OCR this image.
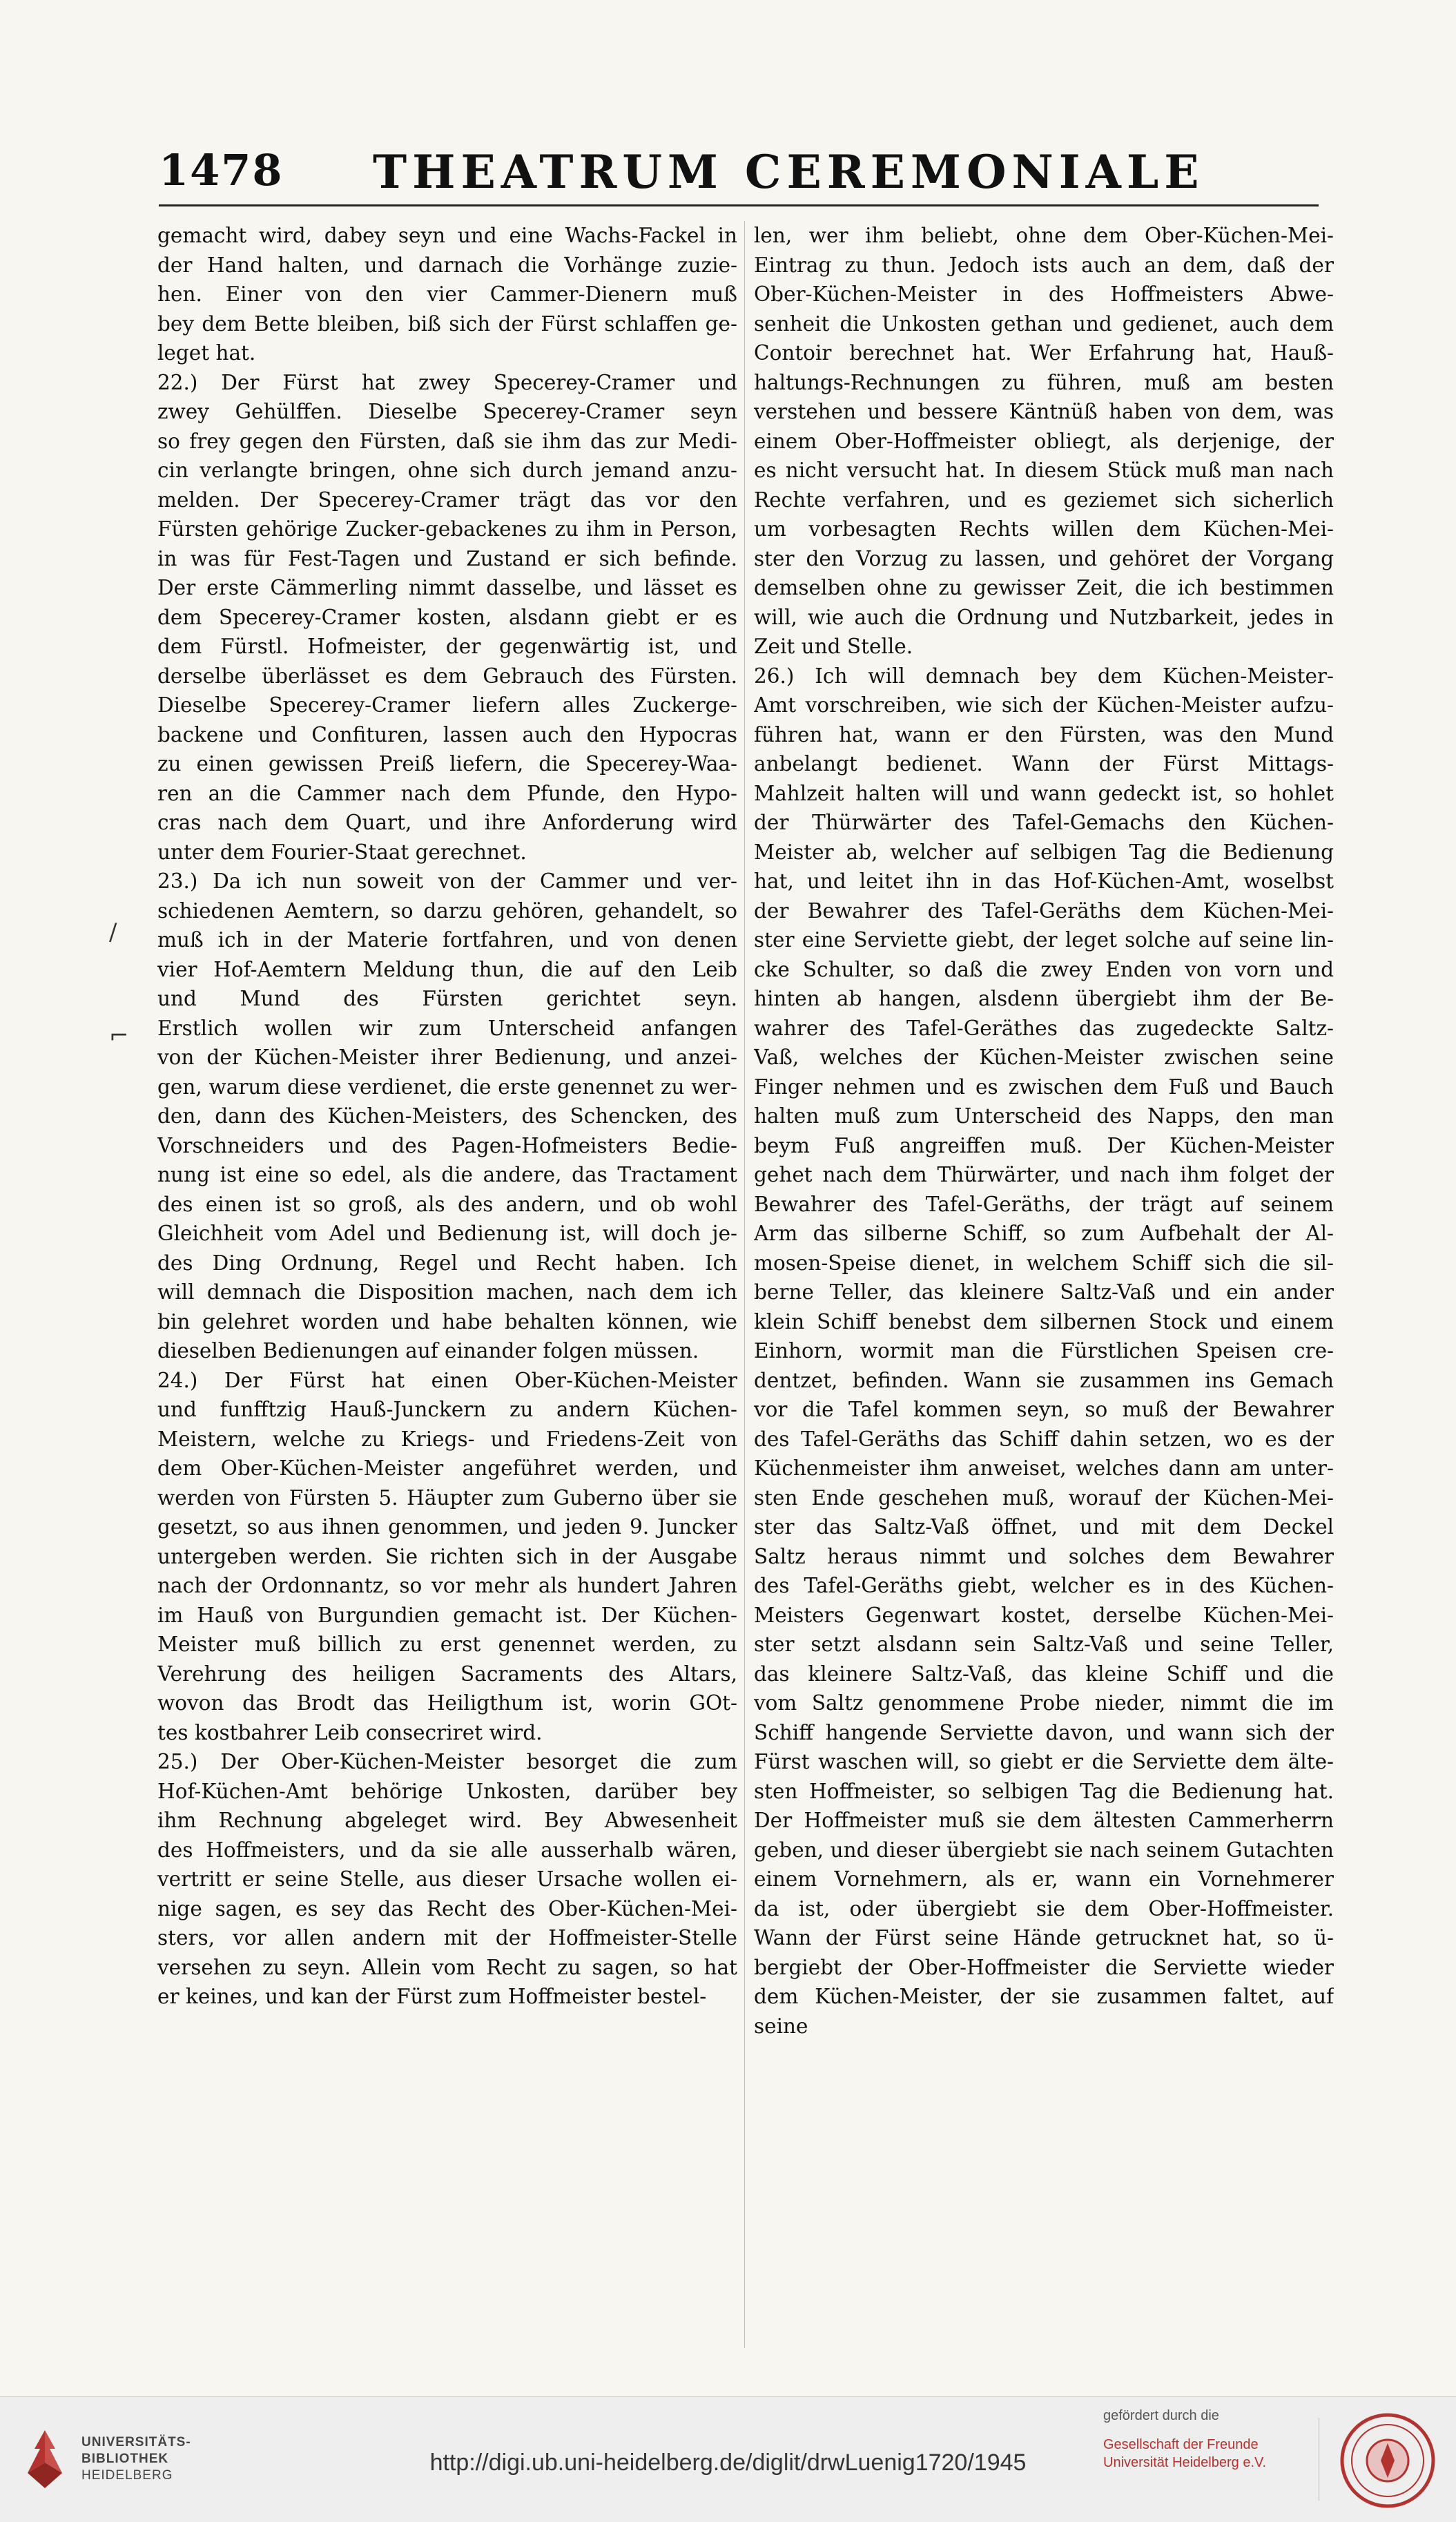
1478 THEATRUM CEREMONIALE
gemacht wird, dabey seyn und eine Wachs-Fackel in
der Hand halten, und darnach die Vorhänge zuzie-
hen. Einer von den vier Cammer-Dienern muß
bey dem Bette bleiben, biß sich der Fürst schlaffen ge-
leget hat.
22.) Der Fürst hat zwey Specerey-Cramer und
zwey Gehülffen. Dieselbe Specerey-Cramer seyn
so frey gegen den Fürsten, daß sie ihm das zur Medi-
cin verlangte bringen, ohne sich durch jemand anzu-
melden. Der Specerey-Cramer trägt das vor den
Fürsten gehörige Zucker-gebackenes zu ihm in Person,
in was für Fest-Tagen und Zustand er sich befinde.
Der erste Cämmerling nimmt dasselbe, und lässet es
dem Specerey-Cramer kosten, alsdann giebt er es
dem Fürstl. Hofmeister, der gegenwärtig ist, und
derselbe überlässet es dem Gebrauch des Fürsten.
Dieselbe Specerey-Cramer liefern alles Zuckerge-
backene und Confituren, lassen auch den Hypocras
zu einen gewissen Preiß liefern, die Specerey-Waa-
ren an die Cammer nach dem Pfunde, den Hypo-
cras nach dem Quart, und ihre Anforderung wird
unter dem Fourier-Staat gerechnet.
23.) Da ich nun soweit von der Cammer und ver-
schiedenen Aemtern, so darzu gehören, gehandelt, so
muß ich in der Materie fortfahren, und von denen
vier Hof-Aemtern Meldung thun, die auf den Leib
und Mund des Fürsten gerichtet seyn.
Erstlich wollen wir zum Unterscheid anfangen
von der Küchen-Meister ihrer Bedienung, und anzei-
gen, warum diese verdienet, die erste genennet zu wer-
den, dann des Küchen-Meisters, des Schencken, des
Vorschneiders und des Pagen-Hofmeisters Bedie-
nung ist eine so edel, als die andere, das Tractament
des einen ist so groß, als des andern, und ob wohl
Gleichheit vom Adel und Bedienung ist, will doch je-
des Ding Ordnung, Regel und Recht haben. Ich
will demnach die Disposition machen, nach dem ich
bin gelehret worden und habe behalten können, wie
dieselben Bedienungen auf einander folgen müssen.
24.) Der Fürst hat einen Ober-Küchen-Meister
und funfftzig Hauß-Junckern zu andern Küchen-
Meistern, welche zu Kriegs- und Friedens-Zeit von
dem Ober-Küchen-Meister angeführet werden, und
werden von Fürsten 5. Häupter zum Guberno über sie
gesetzt, so aus ihnen genommen, und jeden 9. Juncker
untergeben werden. Sie richten sich in der Ausgabe
nach der Ordonnantz, so vor mehr als hundert Jahren
im Hauß von Burgundien gemacht ist. Der Küchen-
Meister muß billich zu erst genennet werden, zu
Verehrung des heiligen Sacraments des Altars,
wovon das Brodt das Heiligthum ist, worin GOt-
tes kostbahrer Leib consecriret wird.
25.) Der Ober-Küchen-Meister besorget die zum
Hof-Küchen-Amt behörige Unkosten, darüber bey
ihm Rechnung abgeleget wird. Bey Abwesenheit
des Hoffmeisters, und da sie alle ausserhalb wären,
vertritt er seine Stelle, aus dieser Ursache wollen ei-
nige sagen, es sey das Recht des Ober-Küchen-Mei-
sters, vor allen andern mit der Hoffmeister-Stelle
versehen zu seyn. Allein vom Recht zu sagen, so hat
er keines, und kan der Fürst zum Hoffmeister bestel-
len, wer ihm beliebt, ohne dem Ober-Küchen-Mei-
Eintrag zu thun. Jedoch ists auch an dem, daß der
Ober-Küchen-Meister in des Hoffmeisters Abwe-
senheit die Unkosten gethan und gedienet, auch dem
Contoir berechnet hat. Wer Erfahrung hat, Hauß-
haltungs-Rechnungen zu führen, muß am besten
verstehen und bessere Käntnüß haben von dem, was
einem Ober-Hoffmeister obliegt, als derjenige, der
es nicht versucht hat. In diesem Stück muß man nach
Rechte verfahren, und es geziemet sich sicherlich
um vorbesagten Rechts willen dem Küchen-Mei-
ster den Vorzug zu lassen, und gehöret der Vorgang
demselben ohne zu gewisser Zeit, die ich bestimmen
will, wie auch die Ordnung und Nutzbarkeit, jedes in
Zeit und Stelle.
26.) Ich will demnach bey dem Küchen-Meister-
Amt vorschreiben, wie sich der Küchen-Meister aufzu-
führen hat, wann er den Fürsten, was den Mund
anbelangt bedienet. Wann der Fürst Mittags-
Mahlzeit halten will und wann gedeckt ist, so hohlet
der Thürwärter des Tafel-Gemachs den Küchen-
Meister ab, welcher auf selbigen Tag die Bedienung
hat, und leitet ihn in das Hof-Küchen-Amt, woselbst
der Bewahrer des Tafel-Geräths dem Küchen-Mei-
ster eine Serviette giebt, der leget solche auf seine lin-
cke Schulter, so daß die zwey Enden von vorn und
hinten ab hangen, alsdenn übergiebt ihm der Be-
wahrer des Tafel-Geräthes das zugedeckte Saltz-
Vaß, welches der Küchen-Meister zwischen seine
Finger nehmen und es zwischen dem Fuß und Bauch
halten muß zum Unterscheid des Napps, den man
beym Fuß angreiffen muß. Der Küchen-Meister
gehet nach dem Thürwärter, und nach ihm folget der
Bewahrer des Tafel-Geräths, der trägt auf seinem
Arm das silberne Schiff, so zum Aufbehalt der Al-
mosen-Speise dienet, in welchem Schiff sich die sil-
berne Teller, das kleinere Saltz-Vaß und ein ander
klein Schiff benebst dem silbernen Stock und einem
Einhorn, wormit man die Fürstlichen Speisen cre-
dentzet, befinden. Wann sie zusammen ins Gemach
vor die Tafel kommen seyn, so muß der Bewahrer
des Tafel-Geräths das Schiff dahin setzen, wo es der
Küchenmeister ihm anweiset, welches dann am unter-
sten Ende geschehen muß, worauf der Küchen-Mei-
ster das Saltz-Vaß öffnet, und mit dem Deckel
Saltz heraus nimmt und solches dem Bewahrer
des Tafel-Geräths giebt, welcher es in des Küchen-
Meisters Gegenwart kostet, derselbe Küchen-Mei-
ster setzt alsdann sein Saltz-Vaß und seine Teller,
das kleinere Saltz-Vaß, das kleine Schiff und die
vom Saltz genommene Probe nieder, nimmt die im
Schiff hangende Serviette davon, und wann sich der
Fürst waschen will, so giebt er die Serviette dem älte-
sten Hoffmeister, so selbigen Tag die Bedienung hat.
Der Hoffmeister muß sie dem ältesten Cammerherrn
geben, und dieser übergiebt sie nach seinem Gutachten
einem Vornehmern, als er, wann ein Vornehmerer
da ist, oder übergiebt sie dem Ober-Hoffmeister.
Wann der Fürst seine Hände getrucknet hat, so ü-
bergiebt der Ober-Hoffmeister die Serviette wieder
dem Küchen-Meister, der sie zusammen faltet, auf
seine
/
⌐
UNIVERSITÄTS-
BIBLIOTHEK
HEIDELBERG	http://digi.ub.uni-heidelberg.de/diglit/drwLuenig1720/1945
gefördert durch die
Gesellschaft der Freunde
Universität Heidelberg e.V.
